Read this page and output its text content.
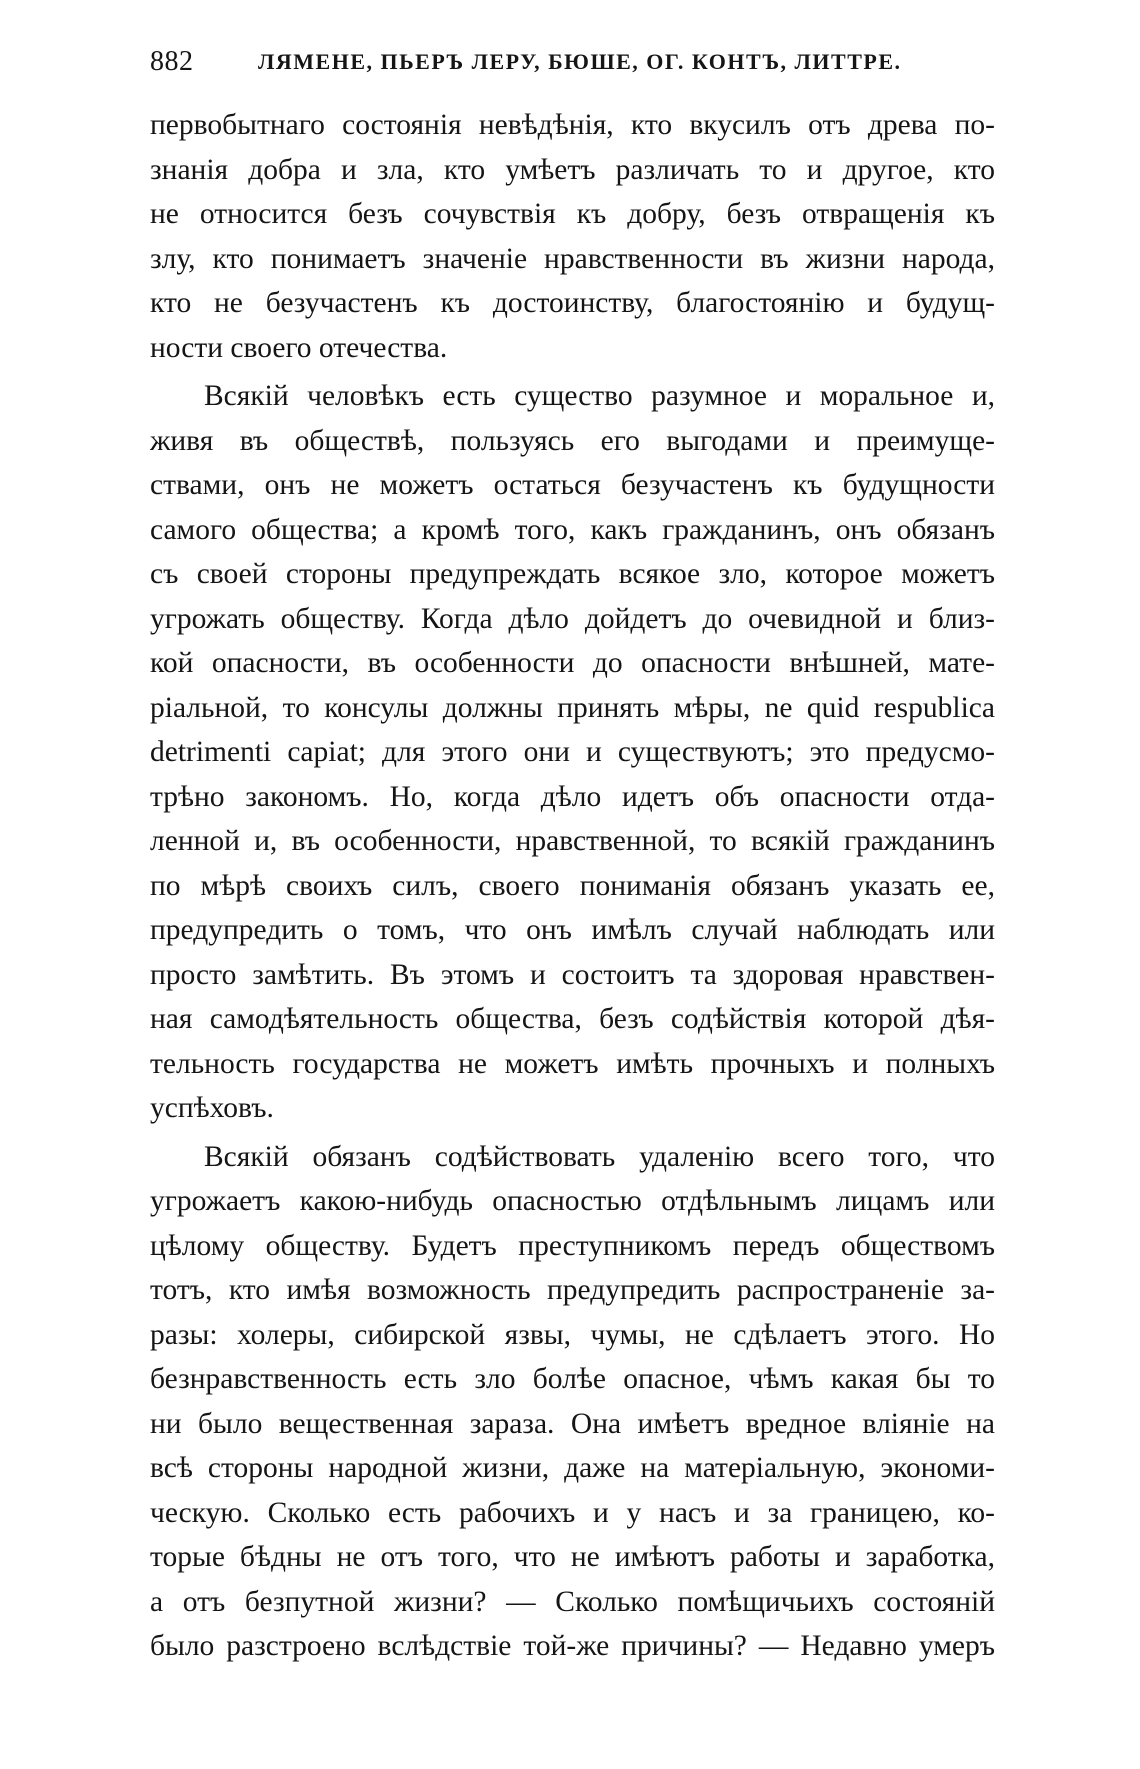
882	ЛЯМЕНЕ, ПЬЕРЪ ЛЕРУ, БЮШЕ, ОГ. КОНТЪ, ЛИТТРЕ.
первобытнаго состоянія невѣдѣнія, кто вкусилъ отъ древа по-
знанія добра и зла, кто умѣетъ различать то и другое, кто
не относится безъ сочувствія къ добру, безъ отвращенія къ
злу, кто понимаетъ значеніе нравственности въ жизни народа,
кто не безучастенъ къ достоинству, благостоянію и будущ-
ности своего отечества.
Всякій человѣкъ есть существо разумное и моральное и,
живя въ обществѣ, пользуясь его выгодами и преимуще-
ствами, онъ не можетъ остаться безучастенъ къ будущности
самого общества; а кромѣ того, какъ гражданинъ, онъ обязанъ
съ своей стороны предупреждать всякое зло, которое можетъ
угрожать обществу. Когда дѣло дойдетъ до очевидной и близ-
кой опасности, въ особенности до опасности внѣшней, мате-
ріальной, то консулы должны принять мѣры, ne quid respublica
detrimenti capiat; для этого они и существуютъ; это предусмо-
трѣно закономъ. Но, когда дѣло идетъ объ опасности отда-
ленной и, въ особенности, нравственной, то всякій гражданинъ
по мѣрѣ своихъ силъ, своего пониманія обязанъ указать ее,
предупредить о томъ, что онъ имѣлъ случай наблюдать или
просто замѣтить. Въ этомъ и состоитъ та здоровая нравствен-
ная самодѣятельность общества, безъ содѣйствія которой дѣя-
тельность государства не можетъ имѣть прочныхъ и полныхъ
успѣховъ.
Всякій обязанъ содѣйствовать удаленію всего того, что
угрожаетъ какою-нибудь опасностью отдѣльнымъ лицамъ или
цѣлому обществу. Будетъ преступникомъ передъ обществомъ
тотъ, кто имѣя возможность предупредить распространеніе за-
разы: холеры, сибирской язвы, чумы, не сдѣлаетъ этого. Но
безнравственность есть зло болѣе опасное, чѣмъ какая бы то
ни было вещественная зараза. Она имѣетъ вредное вліяніе на
всѣ стороны народной жизни, даже на матеріальную, экономи-
ческую. Сколько есть рабочихъ и у насъ и за границею, ко-
торые бѣдны не отъ того, что не имѣютъ работы и заработка,
а отъ безпутной жизни? — Сколько помѣщичьихъ состояній
было разстроено вслѣдствіе той-же причины? — Недавно умеръ
